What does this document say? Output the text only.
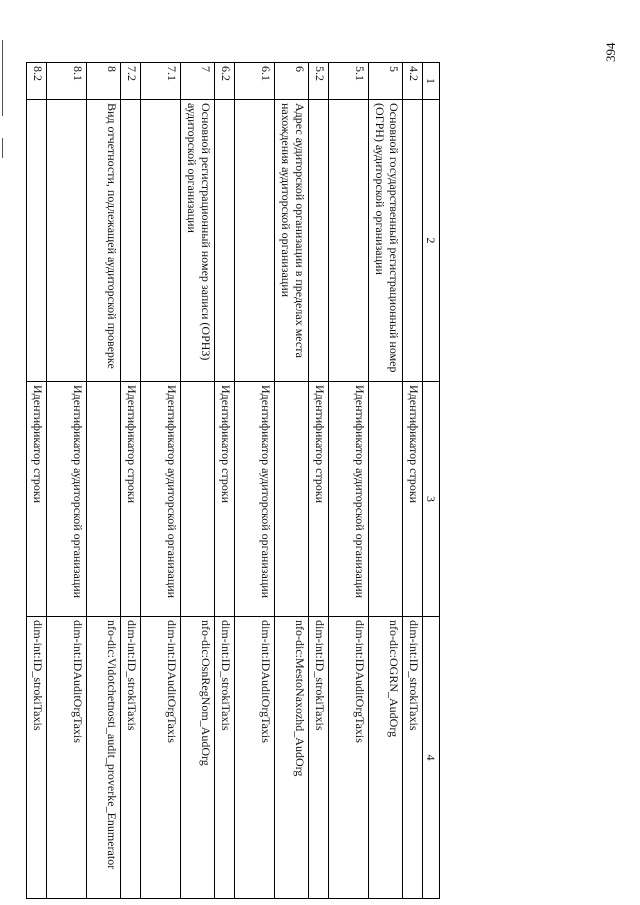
394
1	2	3	4
4.2		Идентификатор строки	dim-int:ID_strokiTaxis
5	Основной государственный регистрационный номер (ОГРН) аудиторской организации		nfo-dic:OGRN_AudOrg
5.1		Идентификатор аудиторской организации	dim-int:IDAuditOrgTaxis
5.2		Идентификатор строки	dim-int:ID_strokiTaxis
6	Адрес аудиторской организации в пределах места нахождения аудиторской организации		nfo-dic:MestoNaxozhd_AudOrg
6.1		Идентификатор аудиторской организации	dim-int:IDAuditOrgTaxis
6.2		Идентификатор строки	dim-int:ID_strokiTaxis
7	Основной регистрационный номер записи (ОРНЗ) аудиторской организации		nfo-dic:OsnRegNom_AudOrg
7.1		Идентификатор аудиторской организации	dim-int:IDAuditOrgTaxis
7.2		Идентификатор строки	dim-int:ID_strokiTaxis
8	Вид отчетности, подлежащей аудиторской проверке		nfo-dic:Vidotchetnosti_audit_proverke_Enumerator
8.1		Идентификатор аудиторской организации	dim-int:IDAuditOrgTaxis
8.2		Идентификатор строки	dim-int:ID_strokiTaxis
